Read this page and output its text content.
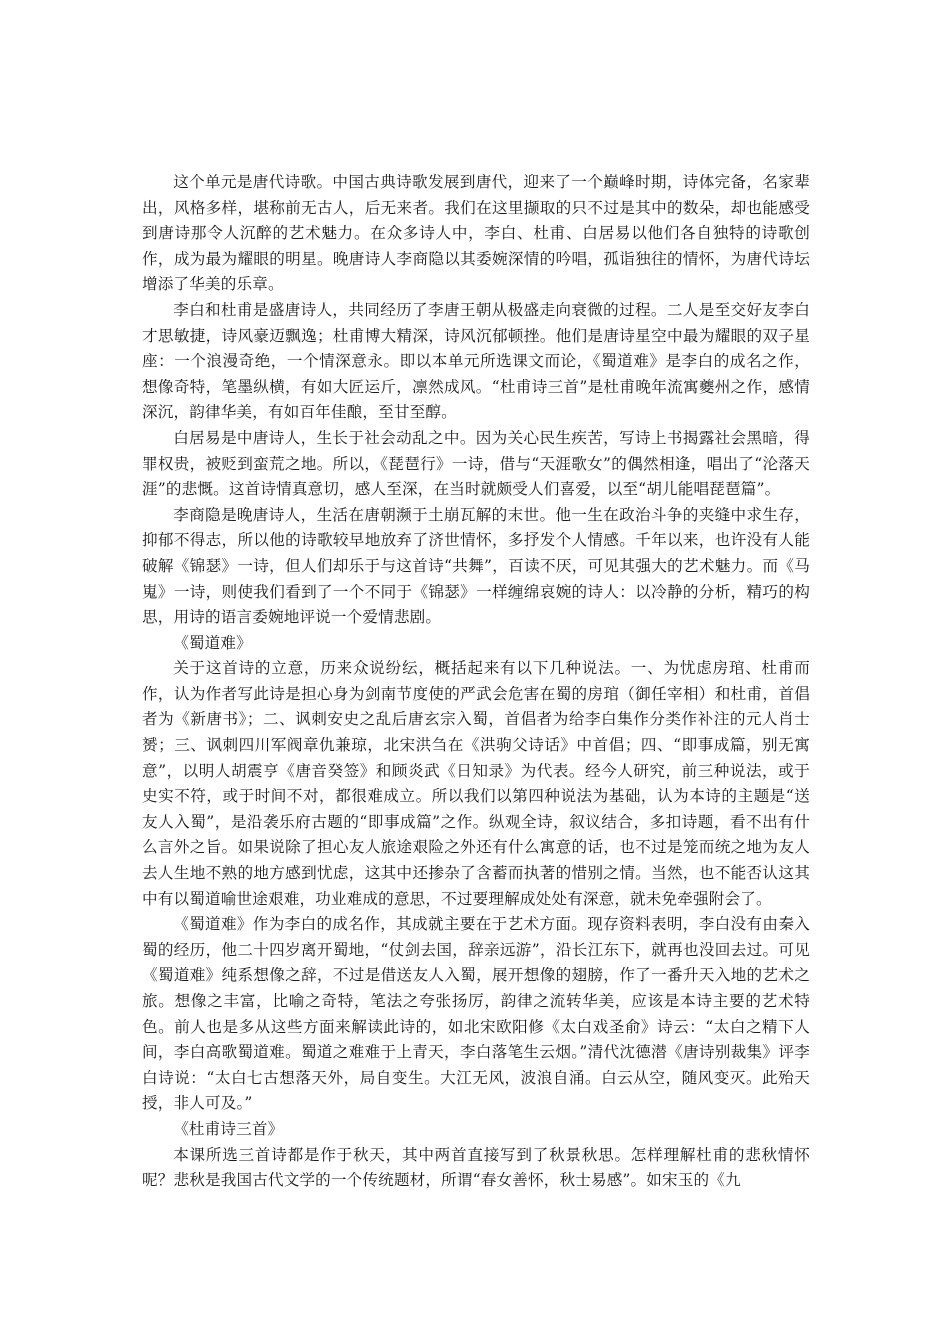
这个单元是唐代诗歌。中国古典诗歌发展到唐代，迎来了一个巅峰时期，诗体完备，名家辈出，风格多样，堪称前无古人，后无来者。我们在这里撷取的只不过是其中的数朵，却也能感受到唐诗那令人沉醉的艺术魅力。在众多诗人中，李白、杜甫、白居易以他们各自独特的诗歌创作，成为最为耀眼的明星。晚唐诗人李商隐以其委婉深情的吟唱，孤诣独往的情怀，为唐代诗坛增添了华美的乐章。

李白和杜甫是盛唐诗人，共同经历了李唐王朝从极盛走向衰微的过程。二人是至交好友李白才思敏捷，诗风豪迈飘逸；杜甫博大精深，诗风沉郁顿挫。他们是唐诗星空中最为耀眼的双子星座：一个浪漫奇绝，一个情深意永。即以本单元所选课文而论，《蜀道难》是李白的成名之作，想像奇特，笔墨纵横，有如大匠运斤，凛然成风。“杜甫诗三首”是杜甫晚年流寓夔州之作，感情深沉，韵律华美，有如百年佳酿，至甘至醇。

白居易是中唐诗人，生长于社会动乱之中。因为关心民生疾苦，写诗上书揭露社会黑暗，得罪权贵，被贬到蛮荒之地。所以，《琵琶行》一诗，借与“天涯歌女”的偶然相逢，唱出了“沦落天涯”的悲慨。这首诗情真意切，感人至深，在当时就颇受人们喜爱，以至“胡儿能唱琵琶篇”。

李商隐是晚唐诗人，生活在唐朝濒于土崩瓦解的末世。他一生在政治斗争的夹缝中求生存，抑郁不得志，所以他的诗歌较早地放弃了济世情怀，多抒发个人情感。千年以来，也许没有人能破解《锦瑟》一诗，但人们却乐于与这首诗“共舞”，百读不厌，可见其强大的艺术魅力。而《马嵬》一诗，则使我们看到了一个不同于《锦瑟》一样缠绵哀婉的诗人：以冷静的分析，精巧的构思，用诗的语言委婉地评说一个爱情悲剧。

《蜀道难》

关于这首诗的立意，历来众说纷纭，概括起来有以下几种说法。一、为忧虑房琯、杜甫而作，认为作者写此诗是担心身为剑南节度使的严武会危害在蜀的房琯（御任宰相）和杜甫，首倡者为《新唐书》；二、讽刺安史之乱后唐玄宗入蜀，首倡者为给李白集作分类作补注的元人肖士赟；三、讽刺四川军阀章仇兼琼，北宋洪刍在《洪驹父诗话》中首倡；四、“即事成篇，别无寓意”，以明人胡震亨《唐音癸签》和顾炎武《日知录》为代表。经今人研究，前三种说法，或于史实不符，或于时间不对，都很难成立。所以我们以第四种说法为基础，认为本诗的主题是“送友人入蜀”，是沿袭乐府古题的“即事成篇”之作。纵观全诗，叙议结合，多扣诗题，看不出有什么言外之旨。如果说除了担心友人旅途艰险之外还有什么寓意的话，也不过是笼而统之地为友人去人生地不熟的地方感到忧虑，这其中还掺杂了含蓄而执著的惜别之情。当然，也不能否认这其中有以蜀道喻世途艰难，功业难成的意思，不过要理解成处处有深意，就未免牵强附会了。

《蜀道难》作为李白的成名作，其成就主要在于艺术方面。现存资料表明，李白没有由秦入蜀的经历，他二十四岁离开蜀地，“仗剑去国，辞亲远游”，沿长江东下，就再也没回去过。可见《蜀道难》纯系想像之辞，不过是借送友人入蜀，展开想像的翅膀，作了一番升天入地的艺术之旅。想像之丰富，比喻之奇特，笔法之夸张扬厉，韵律之流转华美，应该是本诗主要的艺术特色。前人也是多从这些方面来解读此诗的，如北宋欧阳修《太白戏圣俞》诗云：“太白之精下人间，李白高歌蜀道难。蜀道之难难于上青天，李白落笔生云烟。”清代沈德潜《唐诗别裁集》评李白诗说：“太白七古想落天外，局自变生。大江无风，波浪自涌。白云从空，随风变灭。此殆天授，非人可及。”

《杜甫诗三首》

本课所选三首诗都是作于秋天，其中两首直接写到了秋景秋思。怎样理解杜甫的悲秋情怀呢？悲秋是我国古代文学的一个传统题材，所谓“春女善怀，秋士易感”。如宋玉的《九
